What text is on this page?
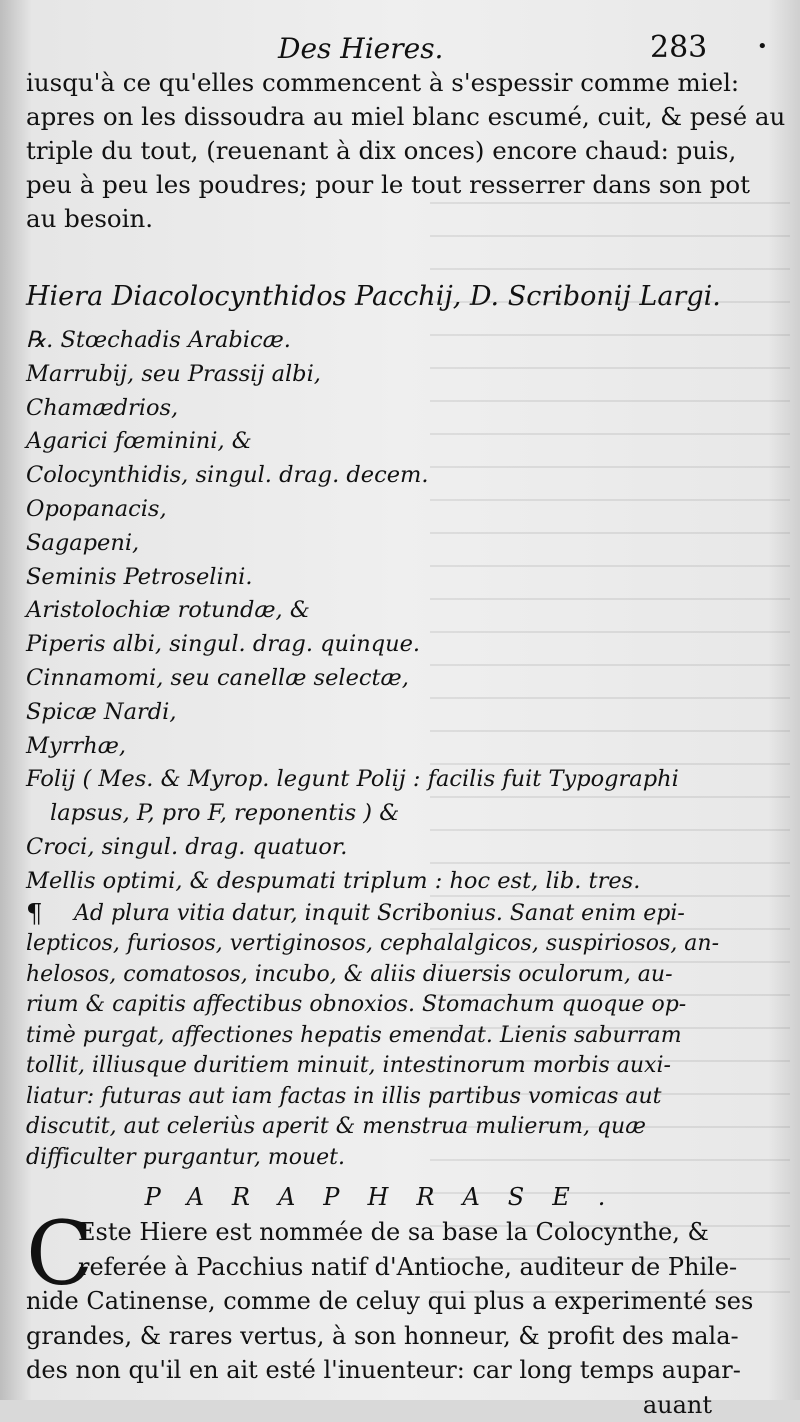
Des Hieres.	283	•
iusqu'à ce qu'elles commencent à s'espessir comme miel:
apres on les dissoudra au miel blanc escumé, cuit, & pesé au
triple du tout, (reuenant à dix onces) encore chaud: puis,
peu à peu les poudres; pour le tout resserrer dans son pot
au besoin.
Hiera Diacolocynthidos Pacchij, D. Scribonij Largi.
℞. Stœchadis Arabicæ.
Marrubij, seu Prassij albi,
Chamædrios,
Agarici fœminini, &
Colocynthidis, singul. drag. decem.
Opopanacis,
Sagapeni,
Seminis Petroselini.
Aristolochiæ rotundæ, &
Piperis albi, singul. drag. quinque.
Cinnamomi, seu canellæ selectæ,
Spicæ Nardi,
Myrrhæ,
Folij ( Mes. & Myrop. legunt Polij : facilis fuit Typographi
lapsus, P, pro F, reponentis ) &
Croci, singul. drag. quatuor.
Mellis optimi, & despumati triplum : hoc est, lib. tres.
¶ Ad plura vitia datur, inquit Scribonius. Sanat enim epi-
lepticos, furiosos, vertiginosos, cephalalgicos, suspiriosos, an-
helosos, comatosos, incubo, & aliis diuersis oculorum, au-
rium & capitis affectibus obnoxios. Stomachum quoque op-
timè purgat, affectiones hepatis emendat. Lienis saburram
tollit, illiusque duritiem minuit, intestinorum morbis auxi-
liatur: futuras aut iam factas in illis partibus vomicas aut
discutit, aut celeriùs aperit & menstrua mulierum, quæ
difficulter purgantur, mouet.
PARAPHRASE.
C
Este Hiere est nommée de sa base la Colocynthe, &
referée à Pacchius natif d'Antioche, auditeur de Phile-
nide Catinense, comme de celuy qui plus a experimenté ses
grandes, & rares vertus, à son honneur, & profit des mala-
des non qu'il en ait esté l'inuenteur: car long temps aupar-
auant
